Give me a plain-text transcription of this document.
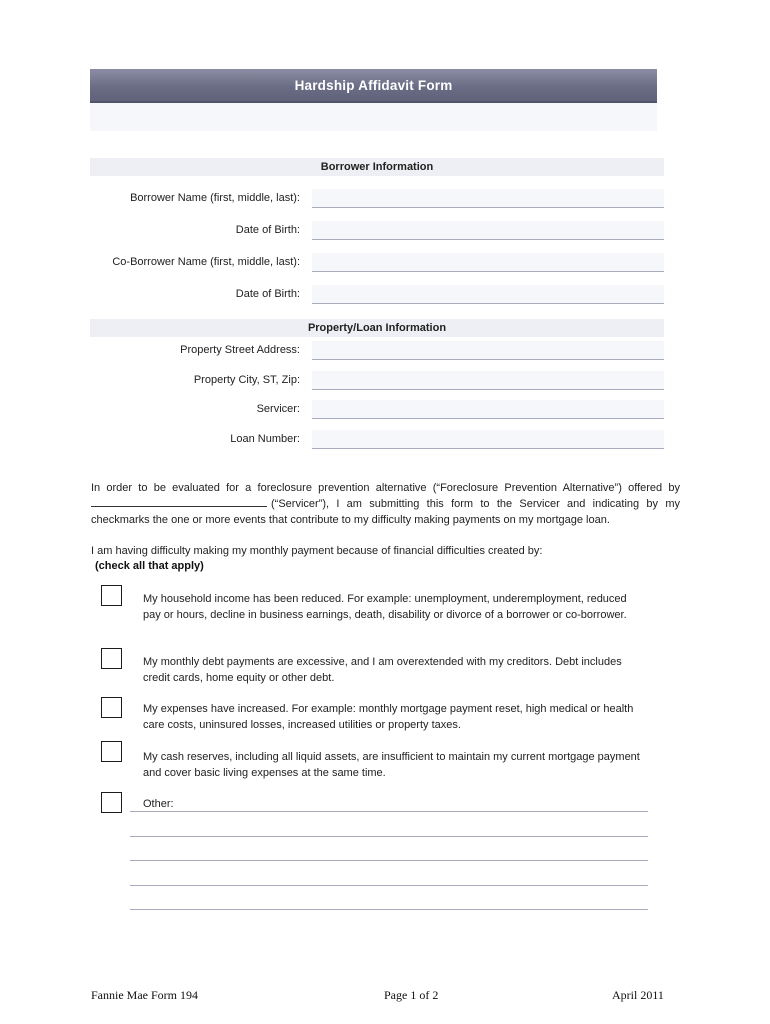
Hardship Affidavit Form
Borrower Information
Borrower Name (first, middle, last):
Date of Birth:
Co-Borrower Name (first, middle, last):
Date of Birth:
Property/Loan Information
Property Street Address:
Property City, ST, Zip:
Servicer:
Loan Number:
In order to be evaluated for a foreclosure prevention alternative (“Foreclosure Prevention Alternative”) offered by (“Servicer”), I am submitting this form to the Servicer and indicating by my checkmarks the one or more events that contribute to my difficulty making payments on my mortgage loan.
I am having difficulty making my monthly payment because of financial difficulties created by:
(check all that apply)
My household income has been reduced. For example: unemployment, underemployment, reduced pay or hours, decline in business earnings, death, disability or divorce of a borrower or co-borrower.
My monthly debt payments are excessive, and I am overextended with my creditors. Debt includes credit cards, home equity or other debt.
My expenses have increased. For example: monthly mortgage payment reset, high medical or health care costs, uninsured losses, increased utilities or property taxes.
My cash reserves, including all liquid assets, are insufficient to maintain my current mortgage payment and cover basic living expenses at the same time.
Other:
Fannie Mae Form 194	Page 1 of 2	April 2011
